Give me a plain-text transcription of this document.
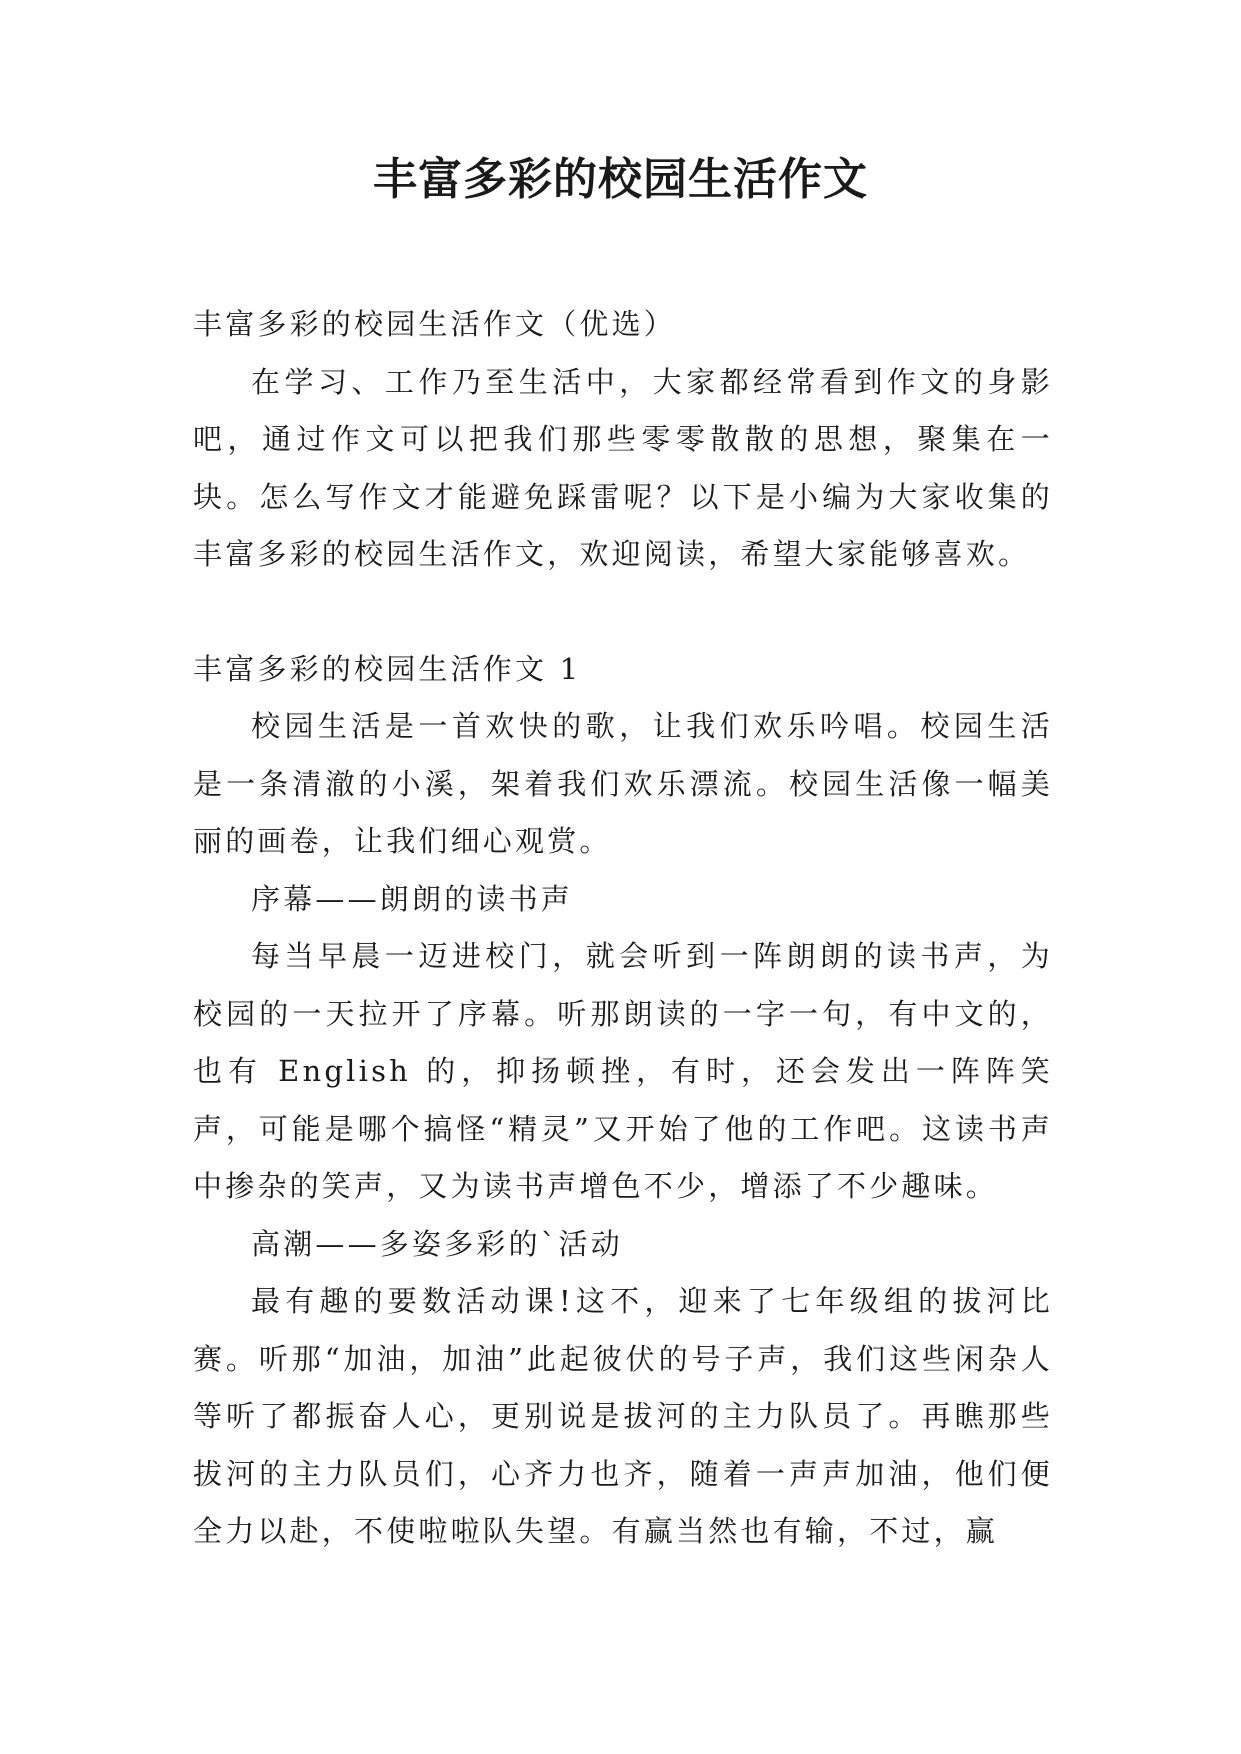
丰富多彩的校园生活作文

丰富多彩的校园生活作文（优选）

在学习、工作乃至生活中，大家都经常看到作文的身影吧，通过作文可以把我们那些零零散散的思想，聚集在一块。怎么写作文才能避免踩雷呢？以下是小编为大家收集的丰富多彩的校园生活作文，欢迎阅读，希望大家能够喜欢。

丰富多彩的校园生活作文 1

校园生活是一首欢快的歌，让我们欢乐吟唱。校园生活是一条清澈的小溪，架着我们欢乐漂流。校园生活像一幅美丽的画卷，让我们细心观赏。

序幕——朗朗的读书声

每当早晨一迈进校门，就会听到一阵朗朗的读书声，为校园的一天拉开了序幕。听那朗读的一字一句，有中文的，也有 English 的，抑扬顿挫，有时，还会发出一阵阵笑声，可能是哪个搞怪“精灵”又开始了他的工作吧。这读书声中掺杂的笑声，又为读书声增色不少，增添了不少趣味。

高潮——多姿多彩的`活动

最有趣的要数活动课!这不，迎来了七年级组的拔河比赛。听那“加油，加油”此起彼伏的号子声，我们这些闲杂人等听了都振奋人心，更别说是拔河的主力队员了。再瞧那些拔河的主力队员们，心齐力也齐，随着一声声加油，他们便全力以赴，不使啦啦队失望。有赢当然也有输，不过，赢
